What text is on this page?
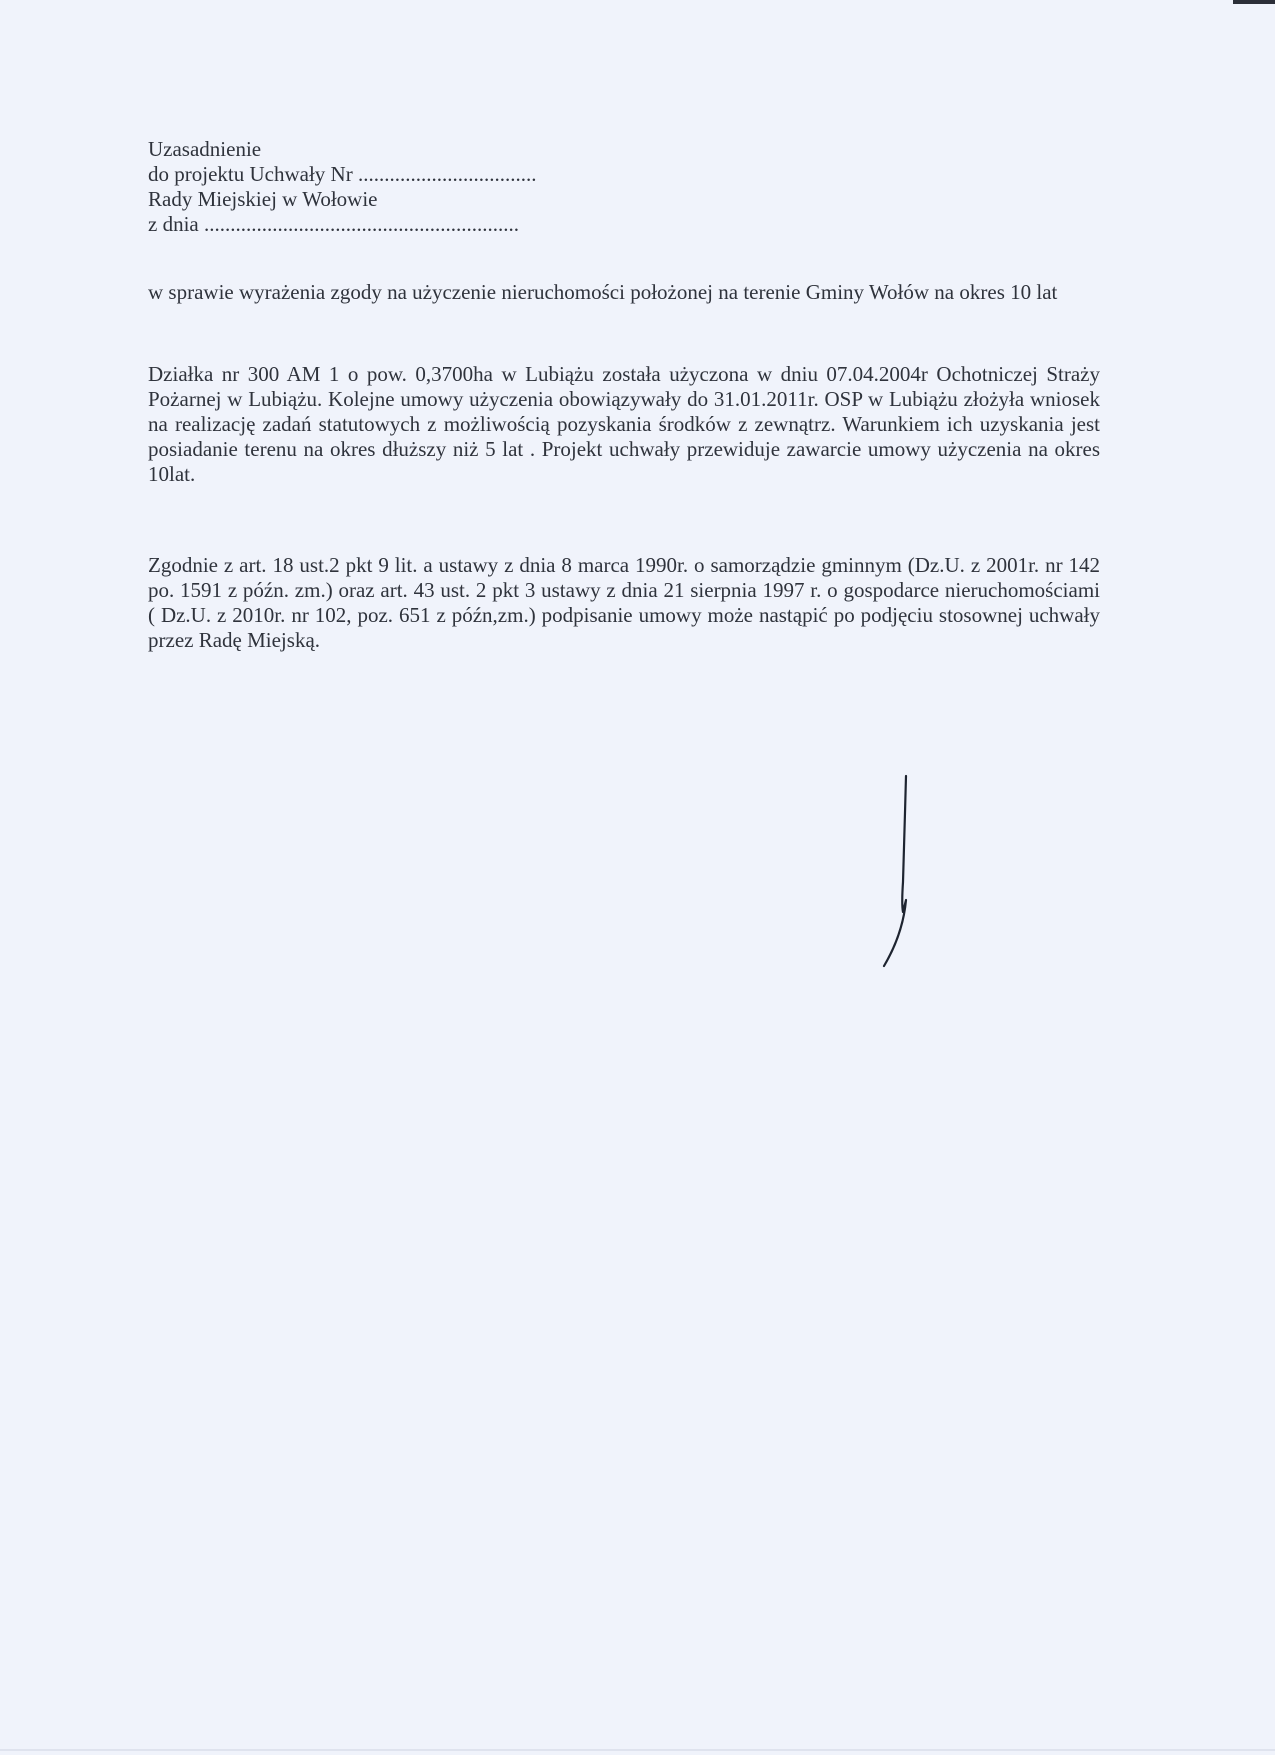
Uzasadnienie
do projektu Uchwały Nr ..................................
Rady Miejskiej w Wołowie
z dnia ............................................................
w sprawie wyrażenia zgody na użyczenie nieruchomości położonej na terenie Gminy Wołów na okres 10 lat
Działka nr 300 AM 1 o pow. 0,3700ha w Lubiążu została użyczona w dniu 07.04.2004r Ochotniczej Straży Pożarnej w Lubiążu. Kolejne umowy użyczenia obowiązywały do 31.01.2011r. OSP w Lubiążu złożyła wniosek na realizację zadań statutowych z możliwością pozyskania środków z zewnątrz. Warunkiem ich uzyskania jest posiadanie terenu na okres dłuższy niż 5 lat . Projekt uchwały przewiduje zawarcie umowy użyczenia na okres 10lat.
Zgodnie z art. 18 ust.2 pkt 9 lit. a ustawy z dnia 8 marca 1990r. o samorządzie gminnym (Dz.U. z 2001r. nr 142 po. 1591 z późn. zm.) oraz art. 43 ust. 2 pkt 3 ustawy z dnia 21 sierpnia 1997 r. o gospodarce nieruchomościami ( Dz.U. z 2010r. nr 102, poz. 651 z późn,zm.) podpisanie umowy może nastąpić po podjęciu stosownej uchwały przez Radę Miejską.
